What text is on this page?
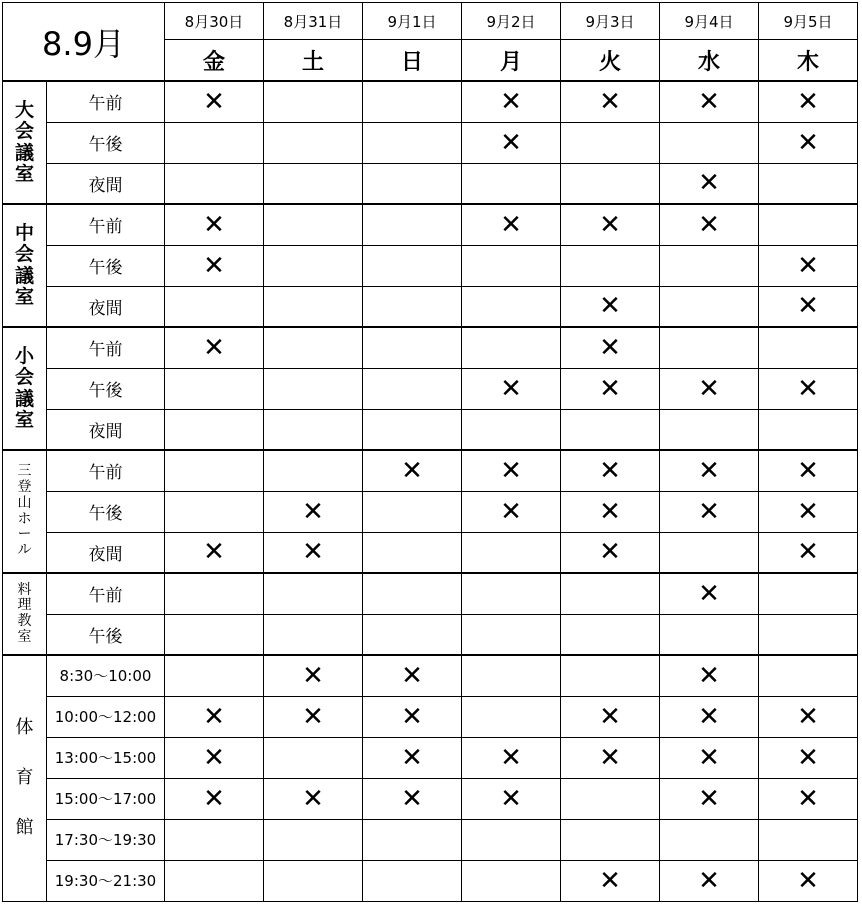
8.9月		8月30日	8月31日	9月1日	9月2日	9月3日	9月4日	9月5日
		金	土	日	月	火	水	木
大会議室	午前	✕			✕	✕	✕	✕
	午後				✕			✕
	夜間						✕	
中会議室	午前	✕			✕	✕	✕	
	午後	✕						✕
	夜間					✕		✕
小会議室	午前	✕				✕		
	午後				✕	✕	✕	✕
	夜間							
三登山ホール	午前			✕	✕	✕	✕	✕
	午後		✕		✕	✕	✕	✕
	夜間	✕	✕			✕		✕
料理教室	午前						✕	
	午後							
体育館	8:30～10:00		✕	✕			✕	
	10:00～12:00	✕	✕	✕		✕	✕	✕
	13:00～15:00	✕		✕	✕	✕	✕	✕
	15:00～17:00	✕	✕	✕	✕		✕	✕
	17:30～19:30							
	19:30～21:30					✕	✕	✕
